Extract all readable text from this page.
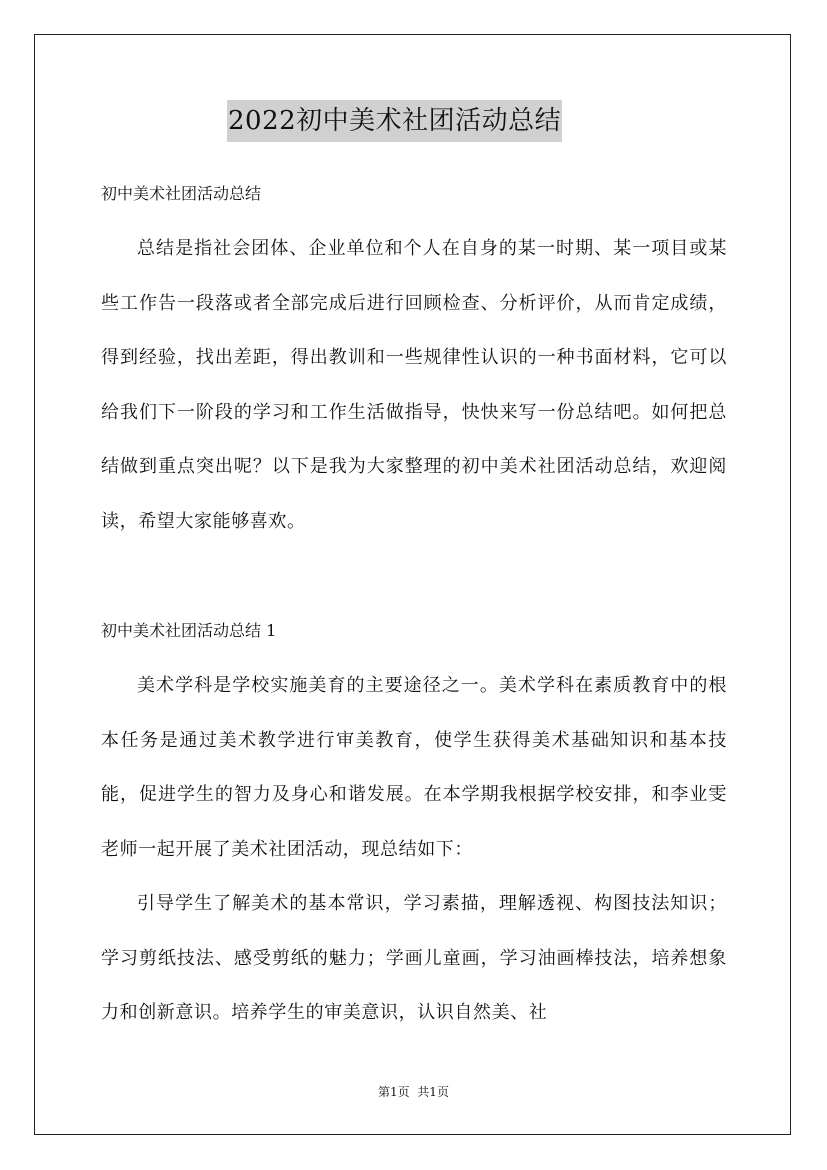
2022初中美术社团活动总结

初中美术社团活动总结

总结是指社会团体、企业单位和个人在自身的某一时期、某一项目或某些工作告一段落或者全部完成后进行回顾检查、分析评价，从而肯定成绩，得到经验，找出差距，得出教训和一些规律性认识的一种书面材料，它可以给我们下一阶段的学习和工作生活做指导，快快来写一份总结吧。如何把总结做到重点突出呢？以下是我为大家整理的初中美术社团活动总结，欢迎阅读，希望大家能够喜欢。

初中美术社团活动总结 1

美术学科是学校实施美育的主要途径之一。美术学科在素质教育中的根本任务是通过美术教学进行审美教育，使学生获得美术基础知识和基本技能，促进学生的智力及身心和谐发展。在本学期我根据学校安排，和李业雯老师一起开展了美术社团活动，现总结如下：

引导学生了解美术的基本常识，学习素描，理解透视、构图技法知识；学习剪纸技法、感受剪纸的魅力；学画儿童画，学习油画棒技法，培养想象力和创新意识。培养学生的审美意识，认识自然美、社

第1页  共1页
